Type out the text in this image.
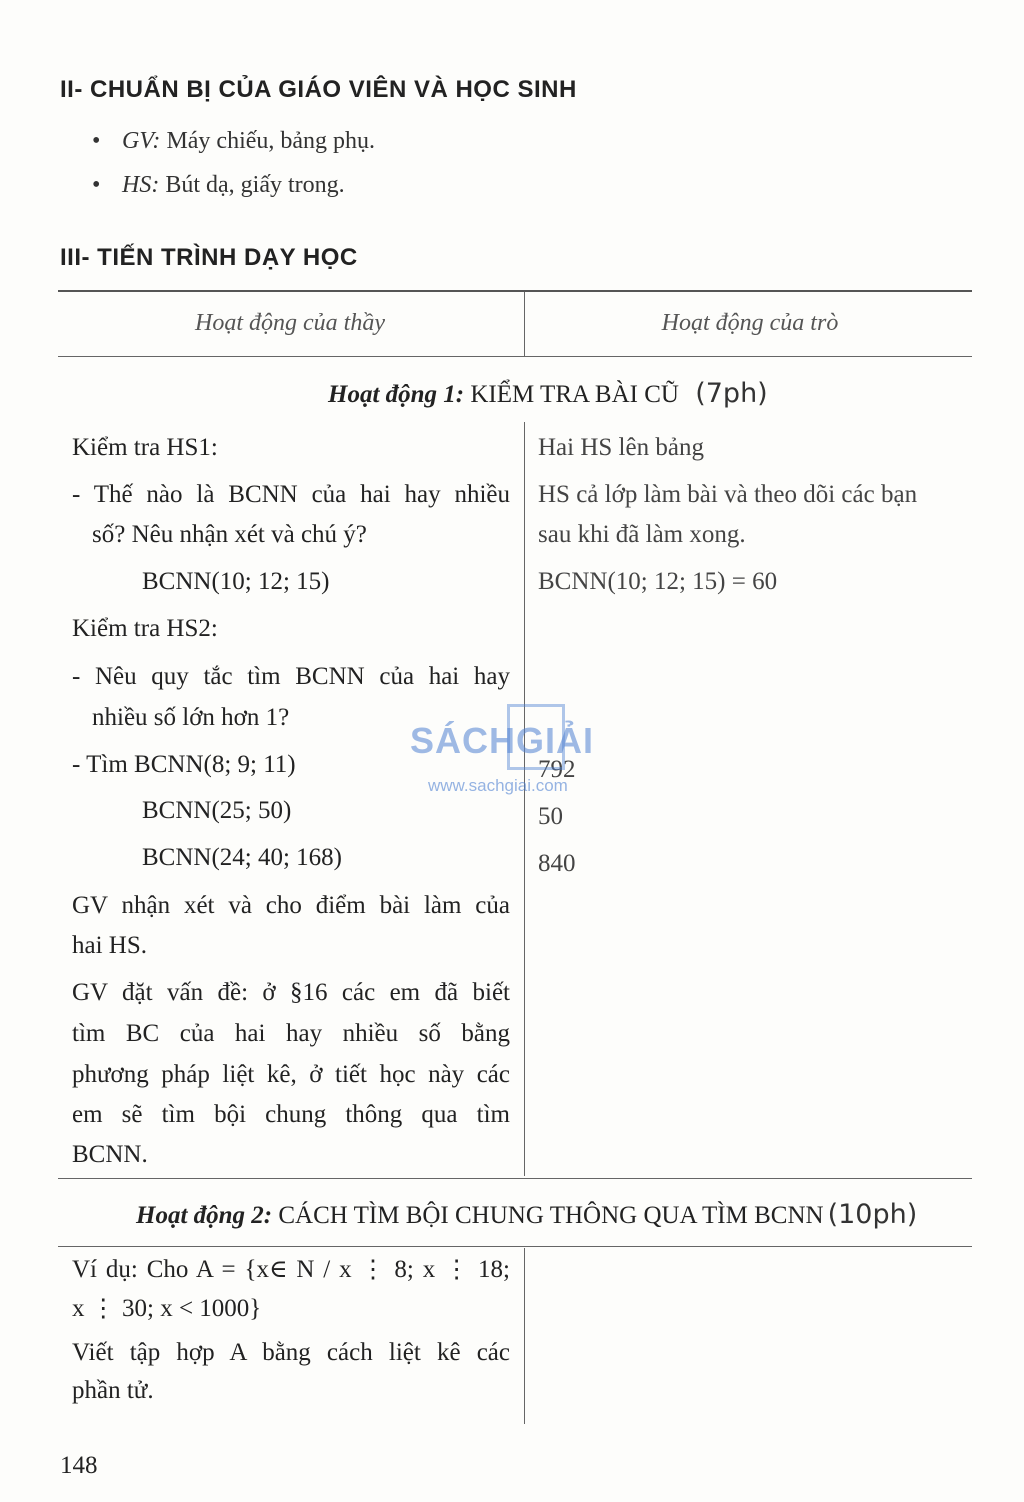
II- CHUẨN BỊ CỦA GIÁO VIÊN VÀ HỌC SINH
• GV: Máy chiếu, bảng phụ.
• HS: Bút dạ, giấy trong.
III- TIẾN TRÌNH DẠY HỌC
Hoạt động của thầy	Hoạt động của trò
Hoạt động 1: KIỂM TRA BÀI CŨ (7ph)
Kiểm tra HS1:
- Thế nào là BCNN của hai hay nhiều
số? Nêu nhận xét và chú ý?
BCNN(10; 12; 15)
Kiểm tra HS2:
- Nêu quy tắc tìm BCNN của hai hay
nhiều số lớn hơn 1?
- Tìm BCNN(8; 9; 11)
BCNN(25; 50)
BCNN(24; 40; 168)
GV nhận xét và cho điểm bài làm của
hai HS.
GV đặt vấn đề: ở §16 các em đã biết
tìm BC của hai hay nhiều số bằng
phương pháp liệt kê, ở tiết học này các
em sẽ tìm bội chung thông qua tìm
BCNN.
Hai HS lên bảng
HS cả lớp làm bài và theo dõi các bạn
sau khi đã làm xong.
BCNN(10; 12; 15) = 60
792
50
840
SÁCHGIẢI
www.sachgiai.com
Hoạt động 2: CÁCH TÌM BỘI CHUNG THÔNG QUA TÌM BCNN (10ph)
Ví dụ: Cho A = {x∈ N / x ⋮ 8; x ⋮ 18;
x ⋮ 30; x < 1000}
Viết tập hợp A bằng cách liệt kê các
phần tử.
148
